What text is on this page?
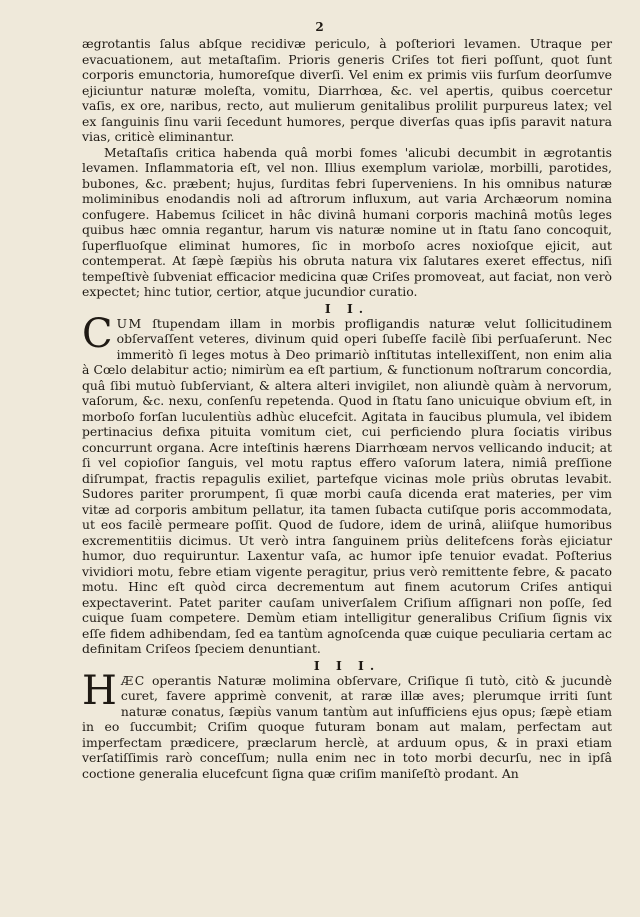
2

ægrotantis ſalus abſque recidivæ periculo, à poſteriori levamen. Utraque per evacuationem, aut metaſtaſim. Prioris generis Criſes tot fieri poſſunt, quot ſunt corporis emunctoria, humoreſque diverſi. Vel enim ex primis viis furſum deorſumve ejiciuntur naturæ moleſta, vomitu, Diarrhœa, &c. vel apertis, quibus coercetur vaſis, ex ore, naribus, recto, aut mulierum genitalibus prolilit purpureus latex; vel ex ſanguinis ſinu varii ſecedunt humores, perque diverſas quas ipſis paravit natura vias, criticè eliminantur.

Metaſtaſis critica habenda quâ morbi fomes 'alicubi decumbit in ægrotantis levamen. Inflammatoria eſt, vel non. Illius exemplum variolæ, morbilli, parotides, bubones, &c. præbent; hujus, ſurditas febri ſuperveniens. In his omnibus naturæ moliminibus enodandis noli ad aſtrorum influxum, aut varia Archæorum nomina confugere. Habemus ſcilicet in hâc divinâ humani corporis machinâ motûs leges quibus hæc omnia regantur, harum vis naturæ nomine ut in ſtatu ſano concoquit, ſuperfluoſque eliminat humores, ſic in morboſo acres noxioſque ejicit, aut contemperat. At ſæpè ſæpiùs his obruta natura vix ſalutares exeret effectus, niſi tempeſtivè ſubveniat efficacior medicina quæ Criſes promoveat, aut faciat, non verò expectet; hinc tutior, certior, atque jucundior curatio.

I I.

CUM ſtupendam illam in morbis profligandis naturæ velut ſollicitudinem obſervaſſent veteres, divinum quid operi ſubeſſe facilè ſibi perſuaſerunt. Nec immeritò ſi leges motus à Deo primariò inſtitutas intellexiſſent, non enim alia à Cœlo delabitur actio; nimirùm ea eſt partium, & functionum noſtrarum concordia, quâ ſibi mutuò ſubſerviant, & altera alteri invigilet, non aliundè quàm à nervorum, vaſorum, &c. nexu, conſenſu repetenda. Quod in ſtatu ſano unicuique obvium eſt, in morboſo forſan luculentiùs adhùc elucefcit. Agitata in faucibus plumula, vel ibidem pertinacius defixa pituita vomitum ciet, cui perficiendo plura ſociatis viribus concurrunt organa. Acre inteſtinis hærens Diarrhœam nervos vellicando inducit; at ſi vel copioſior ſanguis, vel motu raptus effero vaſorum latera, nimiâ preſſione diſrumpat, fractis repagulis exiliet, partefque vicinas mole priùs obrutas levabit. Sudores pariter prorumpent, ſi quæ morbi cauſa dicenda erat materies, per vim vitæ ad corporis ambitum pellatur, ita tamen ſubacta cutiſque poris accommodata, ut eos facilè permeare poſſit. Quod de ſudore, idem de urinâ, aliiſque humoribus excrementitiis dicimus. Ut verò intra ſanguinem priùs delitefcens foràs ejiciatur humor, duo requiruntur. Laxentur vaſa, ac humor ipſe tenuior evadat. Poſterius vividiori motu, febre etiam vigente peragitur, prius verò remittente febre, & pacato motu. Hinc eſt quòd circa decrementum aut finem acutorum Criſes antiqui expectaverint. Patet pariter cauſam univerſalem Criſium aſſignari non poſſe, ſed cuique ſuam competere. Demùm etiam intelligitur generalibus Criſium ſignis vix eſſe fidem adhibendam, ſed ea tantùm agnoſcenda quæ cuique peculiaria certam ac definitam Criſeos ſpeciem denuntiant.

I I I.

HÆC operantis Naturæ molimina obſervare, Criſique ſi tutò, citò & jucundè curet, favere apprimè convenit, at raræ illæ aves; plerumque irriti ſunt naturæ conatus, ſæpiùs vanum tantùm aut inſufficiens ejus opus; ſæpè etiam in eo ſuccumbit; Criſim quoque futuram bonam aut malam, perfectam aut imperfectam prædicere, præclarum herclè, at arduum opus, & in praxi etiam verſatiſſimis rarò conceſſum; nulla enim nec in toto morbi decurſu, nec in ipſâ coctione generalia elucefcunt ſigna quæ criſim maniſeſtò prodant. An
